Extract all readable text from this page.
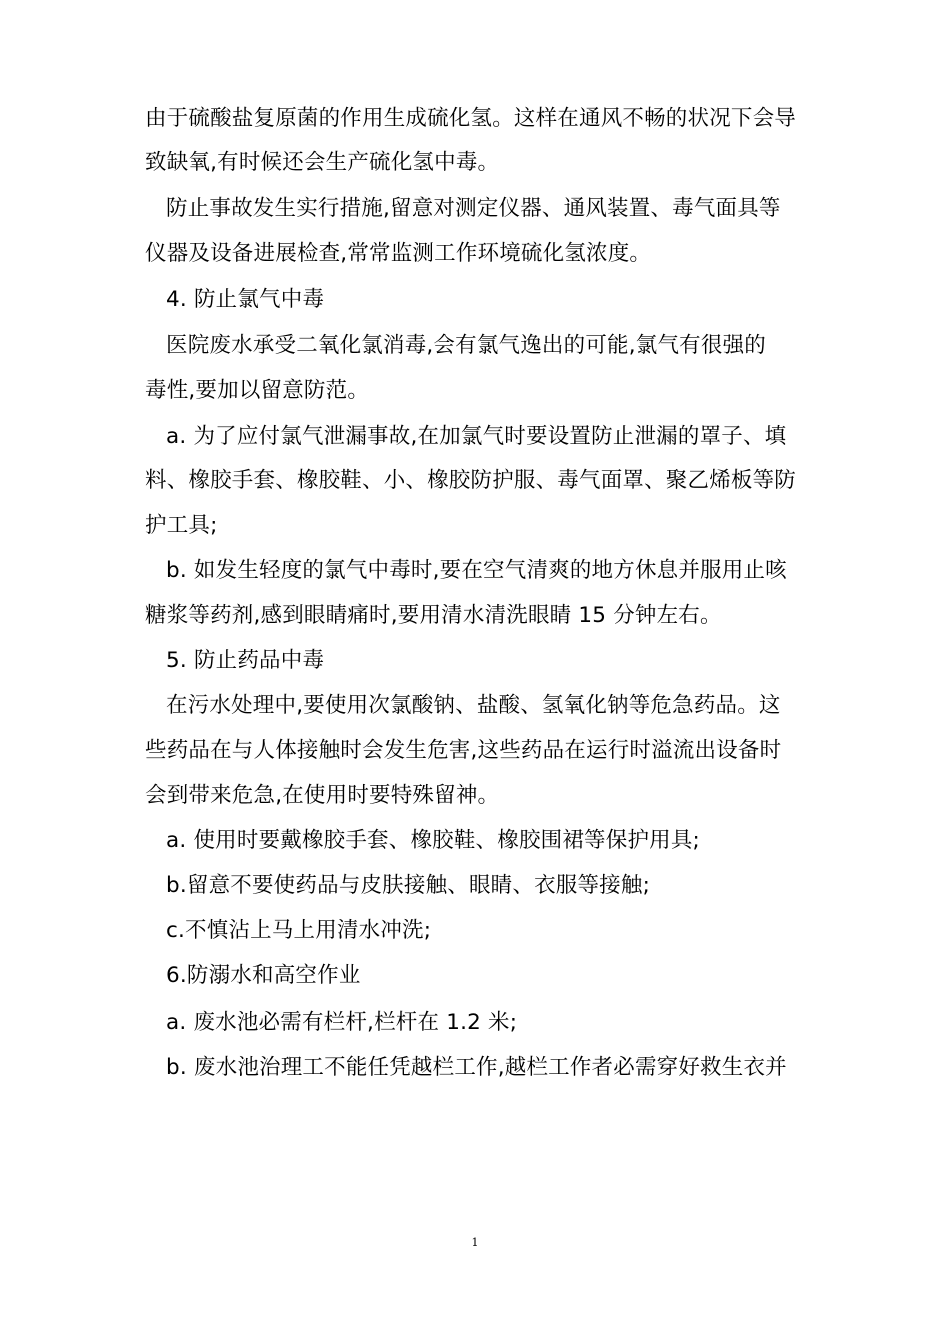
由于硫酸盐复原菌的作用生成硫化氢。这样在通风不畅的状况下会导
致缺氧,有时候还会生产硫化氢中毒。
防止事故发生实行措施,留意对测定仪器、通风装置、毒气面具等
仪器及设备进展检查,常常监测工作环境硫化氢浓度。
4. 防止氯气中毒
医院废水承受二氧化氯消毒,会有氯气逸出的可能,氯气有很强的
毒性,要加以留意防范。
a. 为了应付氯气泄漏事故,在加氯气时要设置防止泄漏的罩子、填
料、橡胶手套、橡胶鞋、小、橡胶防护服、毒气面罩、聚乙烯板等防
护工具;
b. 如发生轻度的氯气中毒时,要在空气清爽的地方休息并服用止咳
糖浆等药剂,感到眼睛痛时,要用清水清洗眼睛 15 分钟左右。
5. 防止药品中毒
在污水处理中,要使用次氯酸钠、盐酸、氢氧化钠等危急药品。这
些药品在与人体接触时会发生危害,这些药品在运行时溢流出设备时
会到带来危急,在使用时要特殊留神。
a. 使用时要戴橡胶手套、橡胶鞋、橡胶围裙等保护用具;
b.留意不要使药品与皮肤接触、眼睛、衣服等接触;
c.不慎沾上马上用清水冲洗;
6.防溺水和高空作业
a. 废水池必需有栏杆,栏杆在 1.2 米;
b. 废水池治理工不能任凭越栏工作,越栏工作者必需穿好救生衣并
1
